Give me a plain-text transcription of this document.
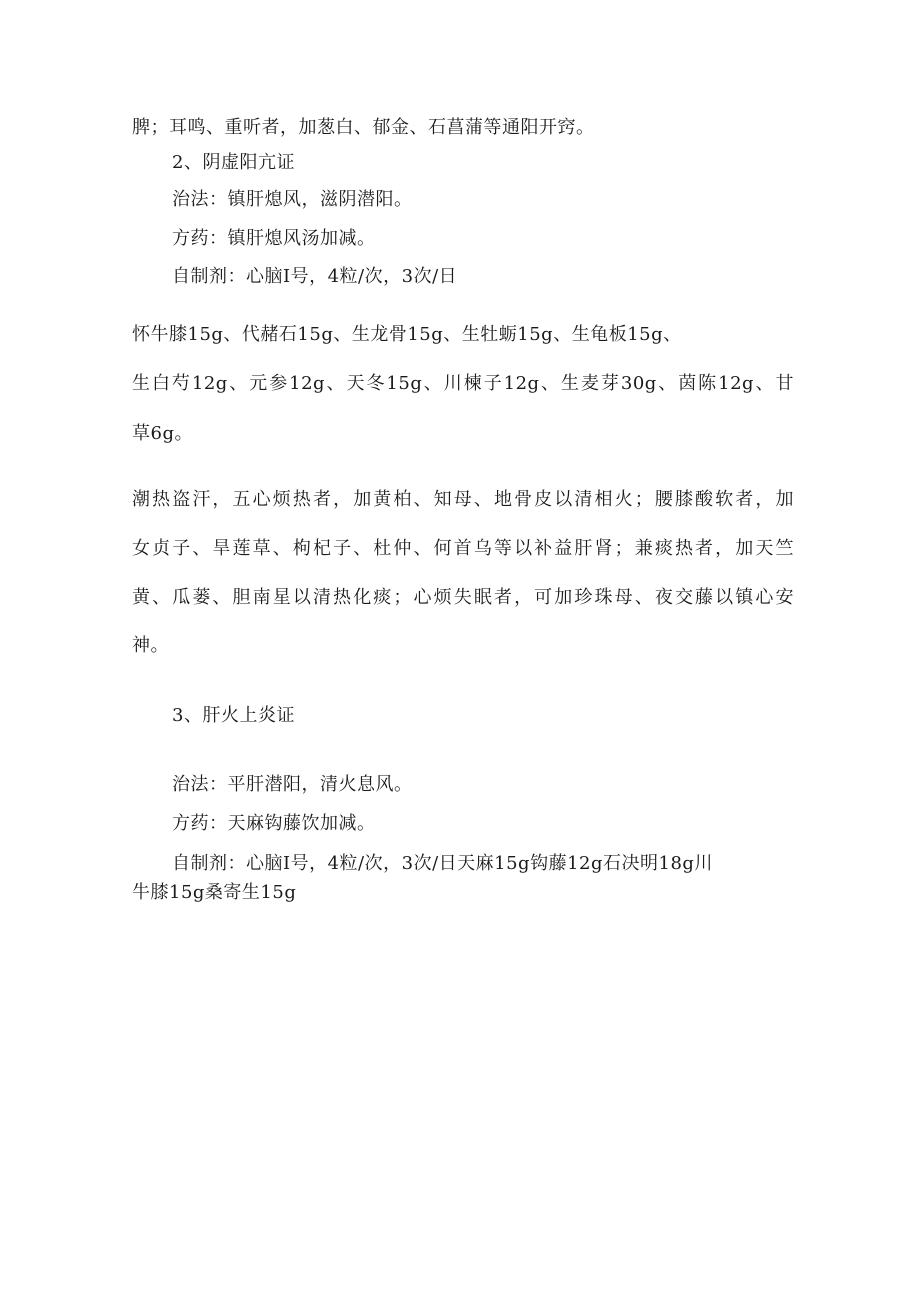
脾；耳鸣、重听者，加葱白、郁金、石菖蒲等通阳开窍。
2、阴虚阳亢证
治法：镇肝熄风，滋阴潜阳。
方药：镇肝熄风汤加减。
自制剂：心脑Ⅰ号，4粒/次，3次/日
怀牛膝15g、代赭石15g、生龙骨15g、生牡蛎15g、生龟板15g、
生白芍12g、元参12g、天冬15g、川楝子12g、生麦芽30g、茵陈12g、甘
草6g。
潮热盗汗，五心烦热者，加黄柏、知母、地骨皮以清相火；腰膝酸软者，加
女贞子、旱莲草、枸杞子、杜仲、何首乌等以补益肝肾；兼痰热者，加天竺
黄、瓜蒌、胆南星以清热化痰；心烦失眠者，可加珍珠母、夜交藤以镇心安
神。
3、肝火上炎证
治法：平肝潜阳，清火息风。
方药：天麻钩藤饮加减。
自制剂：心脑Ⅰ号，4粒/次，3次/日天麻15g钩藤12g石决明18g川
牛膝15g桑寄生15g
